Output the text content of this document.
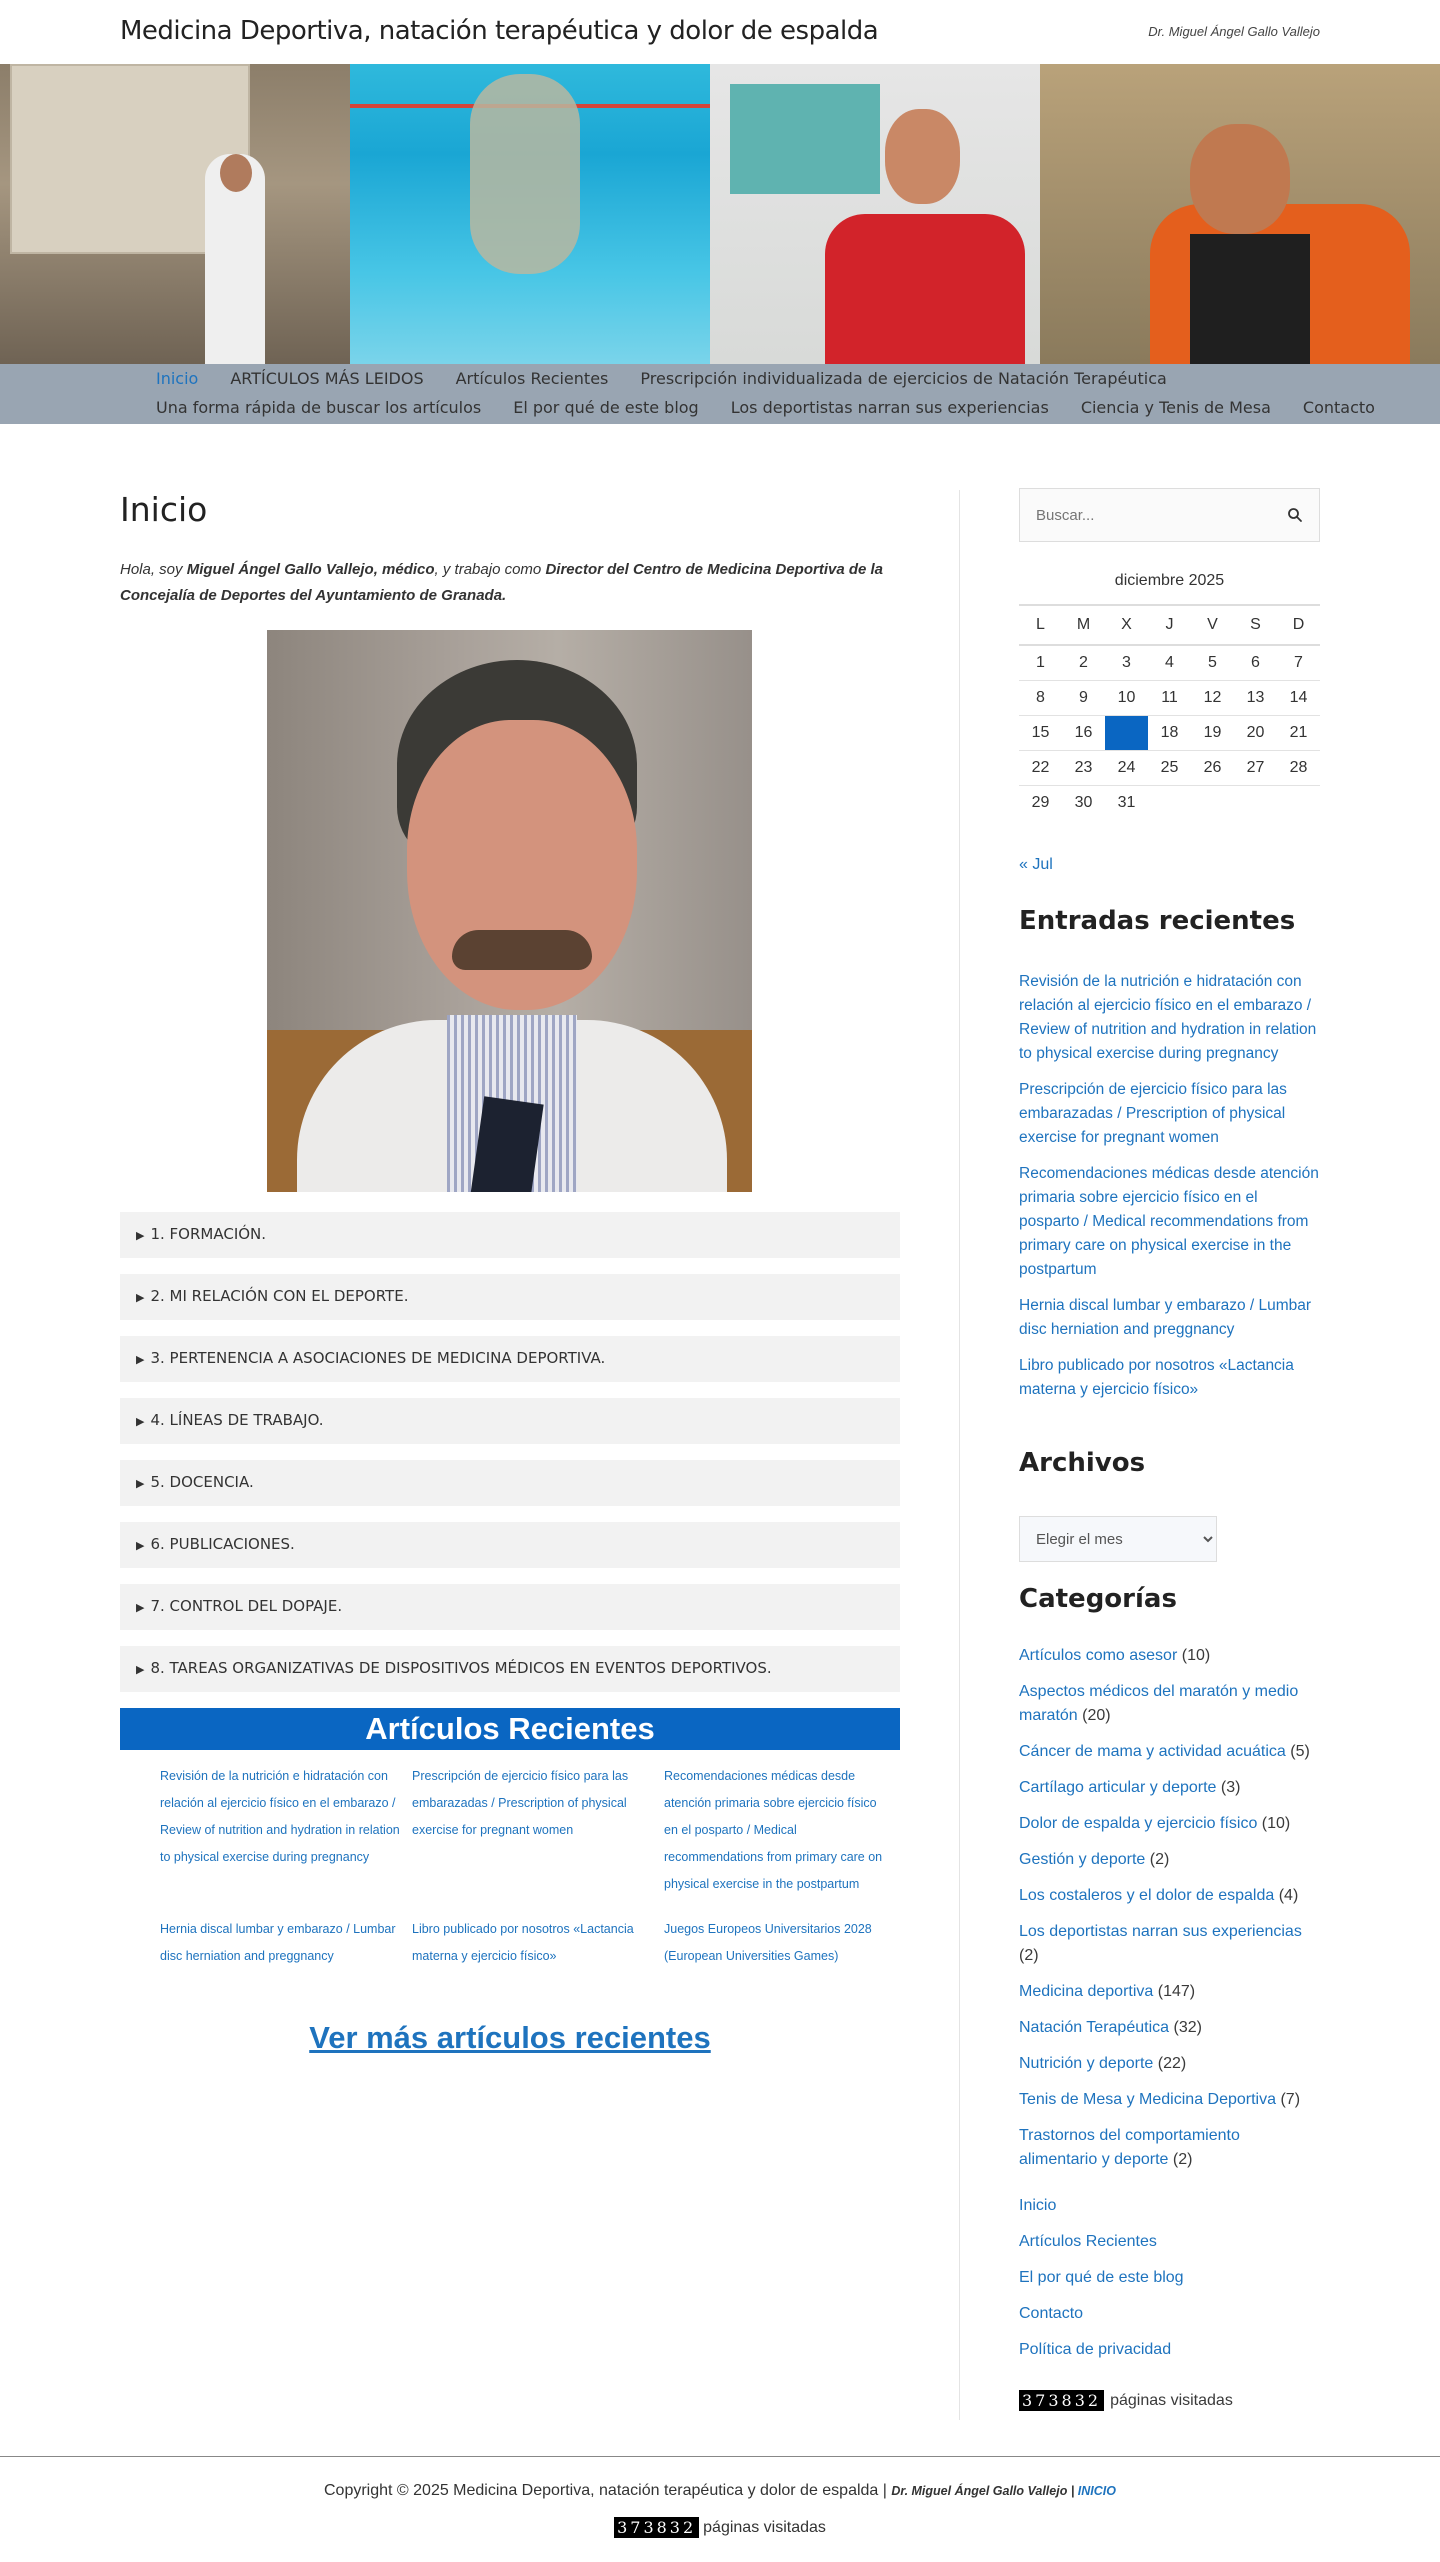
Medicina Deportiva, natación terapéutica y dolor de espalda	Dr. Miguel Ángel Gallo Vallejo
Inicio ARTÍCULOS MÁS LEIDOS Artículos Recientes Prescripción individualizada de ejercicios de Natación Terapéutica
Una forma rápida de buscar los artículos El por qué de este blog Los deportistas narran sus experiencias Ciencia y Tenis de Mesa Contacto
Inicio

Hola, soy Miguel Ángel Gallo Vallejo, médico, y trabajo como Director del Centro de Medicina Deportiva de la Concejalía de Deportes del Ayuntamiento de Granada.

▶ 1. FORMACIÓN.
▶ 2. MI RELACIÓN CON EL DEPORTE.
▶ 3. PERTENENCIA A ASOCIACIONES DE MEDICINA DEPORTIVA.
▶ 4. LÍNEAS DE TRABAJO.
▶ 5. DOCENCIA.
▶ 6. PUBLICACIONES.
▶ 7. CONTROL DEL DOPAJE.
▶ 8. TAREAS ORGANIZATIVAS DE DISPOSITIVOS MÉDICOS EN EVENTOS DEPORTIVOS.
Artículos Recientes
Revisión de la nutrición e hidratación con relación al ejercicio físico en el embarazo / Review of nutrition and hydration in relation to physical exercise during pregnancy
Prescripción de ejercicio físico para las embarazadas / Prescription of physical exercise for pregnant women
Recomendaciones médicas desde atención primaria sobre ejercicio físico en el posparto / Medical recommendations from primary care on physical exercise in the postpartum
Hernia discal lumbar y embarazo / Lumbar disc herniation and preggnancy
Libro publicado por nosotros «Lactancia materna y ejercicio físico»
Juegos Europeos Universitarios 2028 (European Universities Games)
Ver más artículos recientes
Buscar...
diciembre 2025
L	M	X	J	V	S	D
1	2	3	4	5	6	7
8	9	10	11	12	13	14
15	16		18	19	20	21
22	23	24	25	26	27	28
29	30	31				
« Jul
Entradas recientes
Revisión de la nutrición e hidratación con relación al ejercicio físico en el embarazo / Review of nutrition and hydration in relation to physical exercise during pregnancy
Prescripción de ejercicio físico para las embarazadas / Prescription of physical exercise for pregnant women
Recomendaciones médicas desde atención primaria sobre ejercicio físico en el posparto / Medical recommendations from primary care on physical exercise in the postpartum
Hernia discal lumbar y embarazo / Lumbar disc herniation and preggnancy
Libro publicado por nosotros «Lactancia materna y ejercicio físico»
Archivos
Elegir el mes
Categorías
Artículos como asesor (10)
Aspectos médicos del maratón y medio maratón (20)
Cáncer de mama y actividad acuática (5)
Cartílago articular y deporte (3)
Dolor de espalda y ejercicio físico (10)
Gestión y deporte (2)
Los costaleros y el dolor de espalda (4)
Los deportistas narran sus experiencias (2)
Medicina deportiva (147)
Natación Terapéutica (32)
Nutrición y deporte (22)
Tenis de Mesa y Medicina Deportiva (7)
Trastornos del comportamiento alimentario y deporte (2)
Inicio
Artículos Recientes
El por qué de este blog
Contacto
Política de privacidad
373832 páginas visitadas
Copyright © 2025 Medicina Deportiva, natación terapéutica y dolor de espalda | Dr. Miguel Ángel Gallo Vallejo | INICIO
373832 páginas visitadas
